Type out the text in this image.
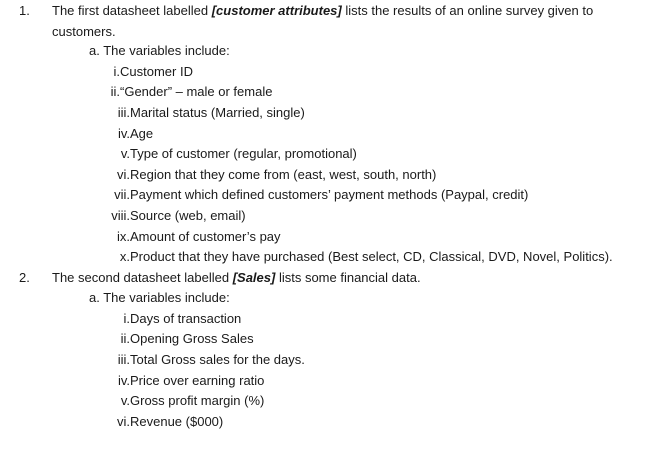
1. The first datasheet labelled [customer attributes] lists the results of an online survey given to
customers.
a. The variables include:
i.Customer ID
ii.“Gender” – male or female
iii.Marital status (Married, single)
iv.Age
v.Type of customer (regular, promotional)
vi.Region that they come from (east, west, south, north)
vii.Payment which defined customers’ payment methods (Paypal, credit)
viii.Source (web, email)
ix.Amount of customer’s pay
x.Product that they have purchased (Best select, CD, Classical, DVD, Novel, Politics).
2. The second datasheet labelled [Sales] lists some financial data.
a. The variables include:
i.Days of transaction
ii.Opening Gross Sales
iii.Total Gross sales for the days.
iv.Price over earning ratio
v.Gross profit margin (%)
vi.Revenue ($000)
